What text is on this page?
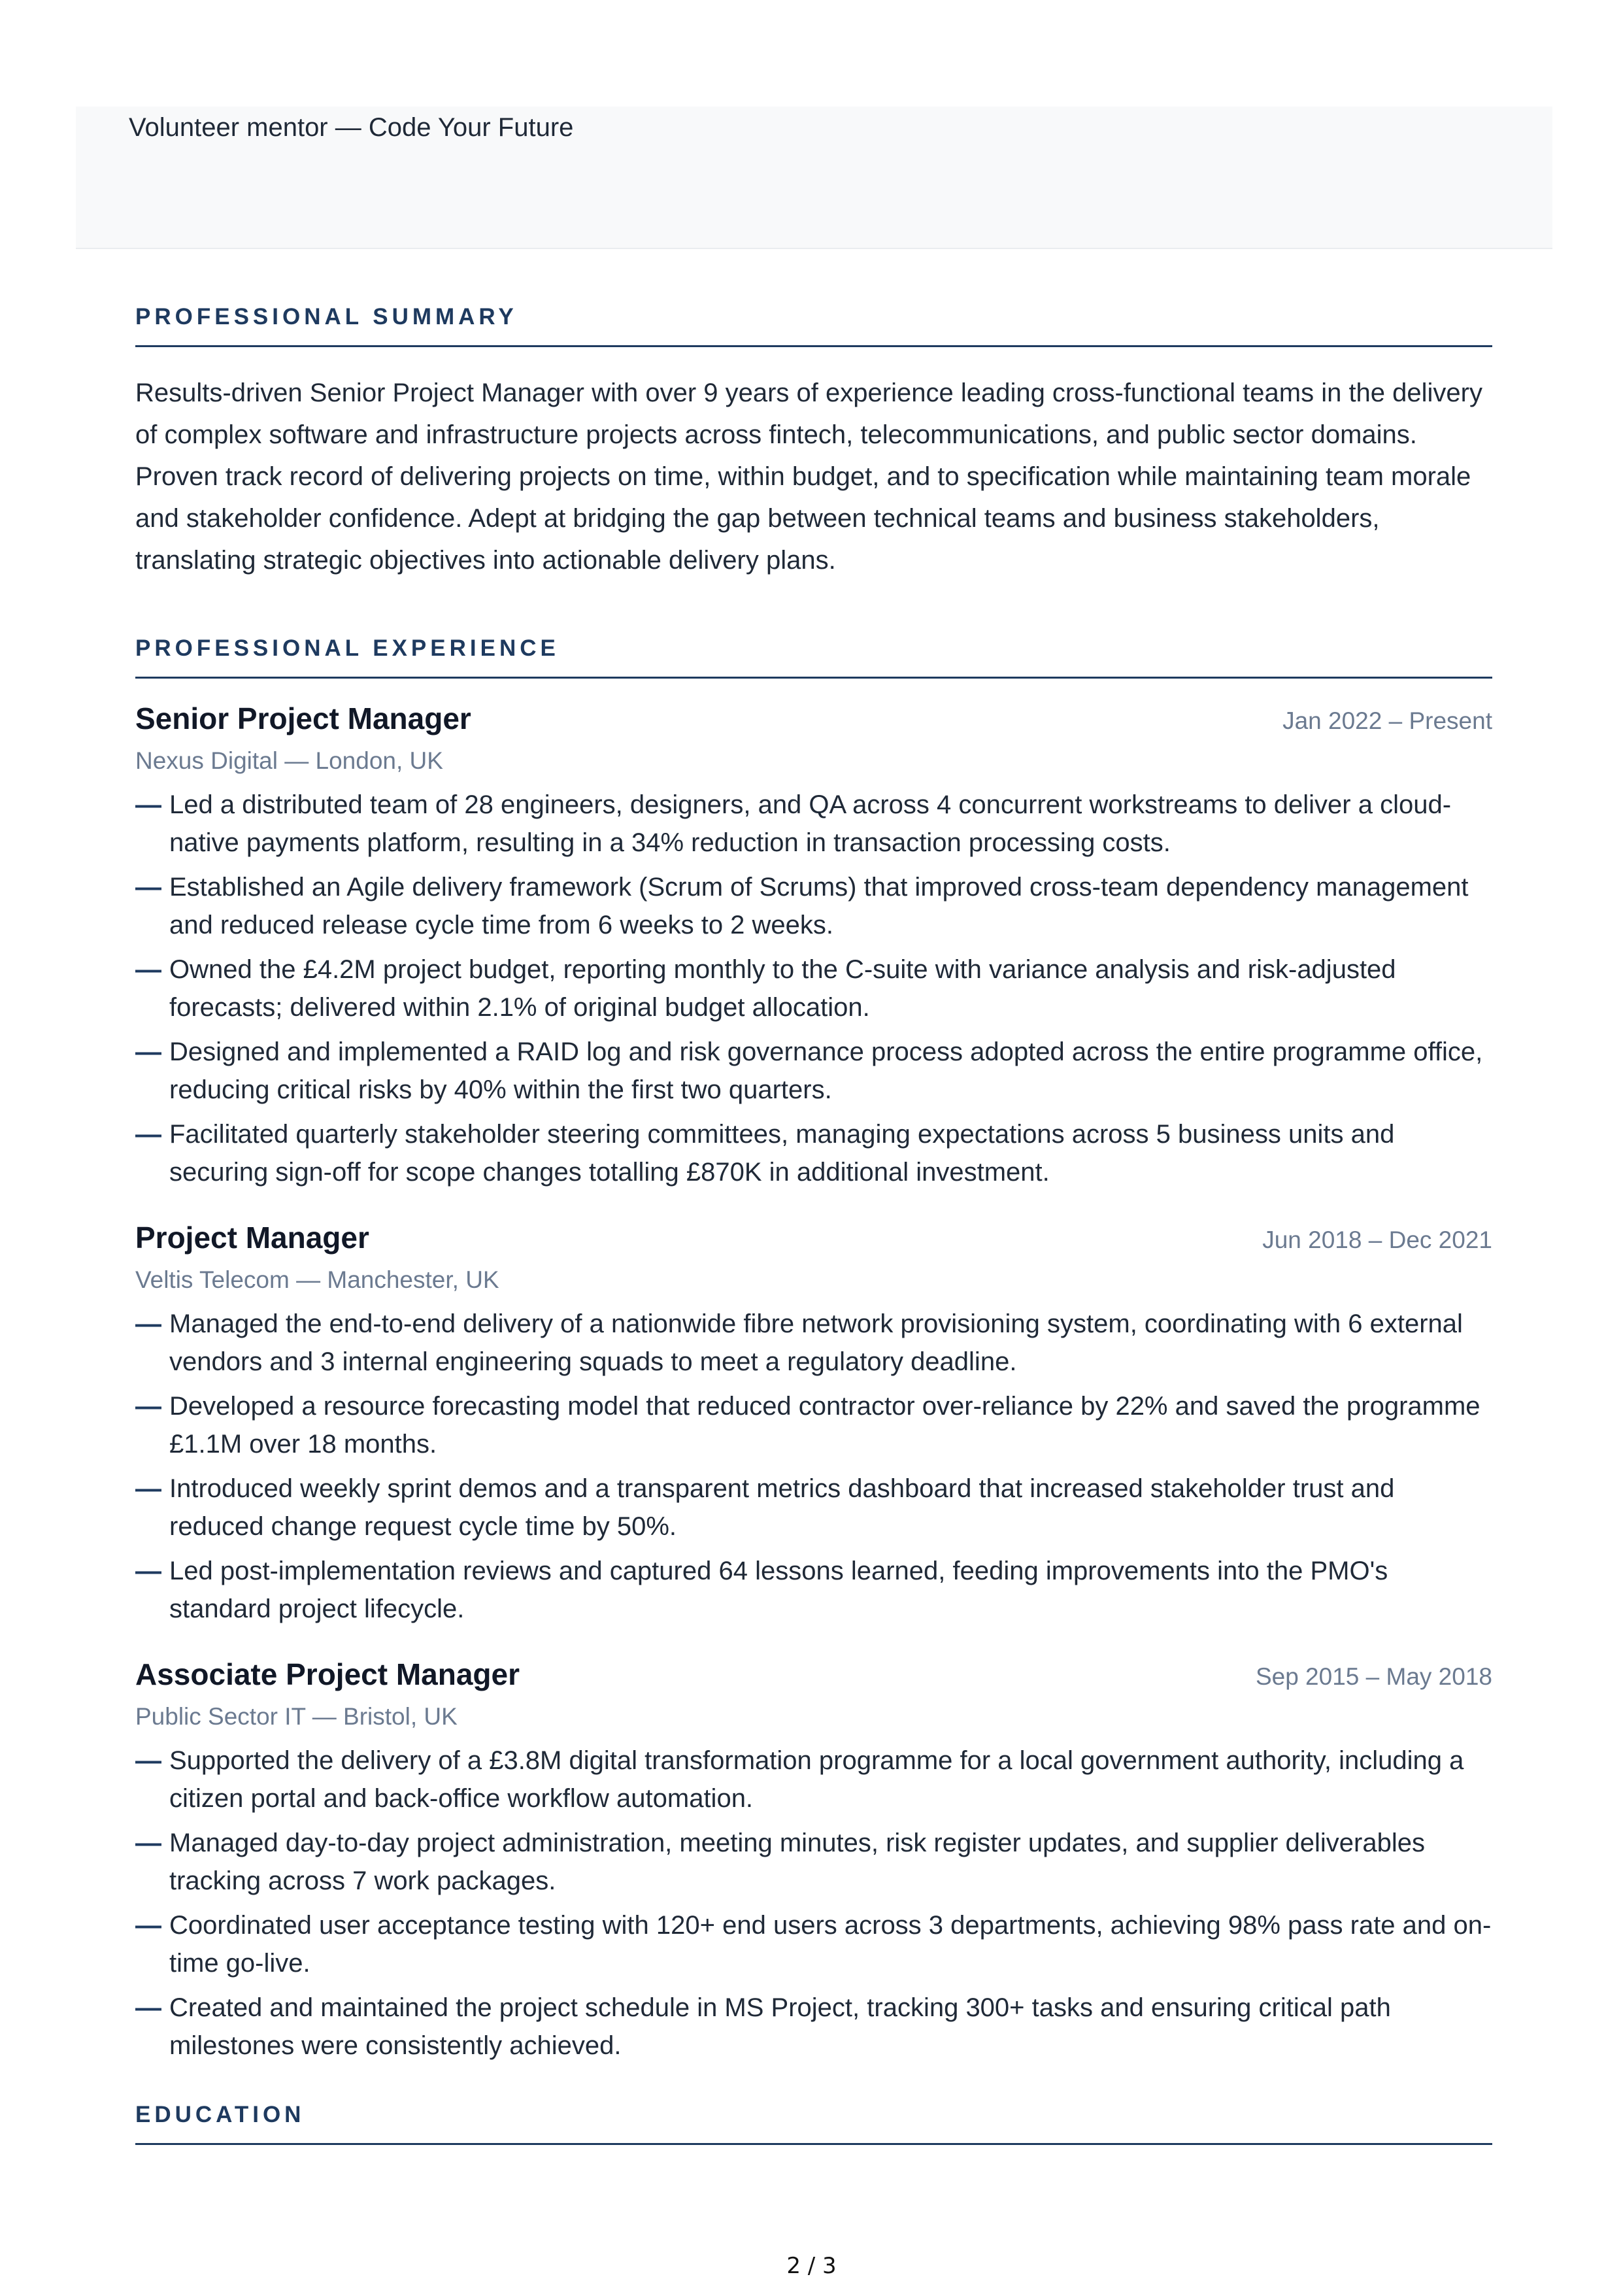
Volunteer mentor — Code Your Future
PROFESSIONAL SUMMARY

Results-driven Senior Project Manager with over 9 years of experience leading cross-functional teams in the delivery of complex software and infrastructure projects across fintech, telecommunications, and public sector domains. Proven track record of delivering projects on time, within budget, and to specification while maintaining team morale and stakeholder confidence. Adept at bridging the gap between technical teams and business stakeholders, translating strategic objectives into actionable delivery plans.

PROFESSIONAL EXPERIENCE
Senior Project Manager	Jan 2022 – Present
Nexus Digital — London, UK
— Led a distributed team of 28 engineers, designers, and QA across 4 concurrent workstreams to deliver a cloud-native payments platform, resulting in a 34% reduction in transaction processing costs.
— Established an Agile delivery framework (Scrum of Scrums) that improved cross-team dependency management and reduced release cycle time from 6 weeks to 2 weeks.
— Owned the £4.2M project budget, reporting monthly to the C-suite with variance analysis and risk-adjusted forecasts; delivered within 2.1% of original budget allocation.
— Designed and implemented a RAID log and risk governance process adopted across the entire programme office, reducing critical risks by 40% within the first two quarters.
— Facilitated quarterly stakeholder steering committees, managing expectations across 5 business units and securing sign-off for scope changes totalling £870K in additional investment.
Project Manager	Jun 2018 – Dec 2021
Veltis Telecom — Manchester, UK
— Managed the end-to-end delivery of a nationwide fibre network provisioning system, coordinating with 6 external vendors and 3 internal engineering squads to meet a regulatory deadline.
— Developed a resource forecasting model that reduced contractor over-reliance by 22% and saved the programme £1.1M over 18 months.
— Introduced weekly sprint demos and a transparent metrics dashboard that increased stakeholder trust and reduced change request cycle time by 50%.
— Led post-implementation reviews and captured 64 lessons learned, feeding improvements into the PMO's standard project lifecycle.
Associate Project Manager	Sep 2015 – May 2018
Public Sector IT — Bristol, UK
— Supported the delivery of a £3.8M digital transformation programme for a local government authority, including a citizen portal and back-office workflow automation.
— Managed day-to-day project administration, meeting minutes, risk register updates, and supplier deliverables tracking across 7 work packages.
— Coordinated user acceptance testing with 120+ end users across 3 departments, achieving 98% pass rate and on-time go-live.
— Created and maintained the project schedule in MS Project, tracking 300+ tasks and ensuring critical path milestones were consistently achieved.
EDUCATION
2 / 3
